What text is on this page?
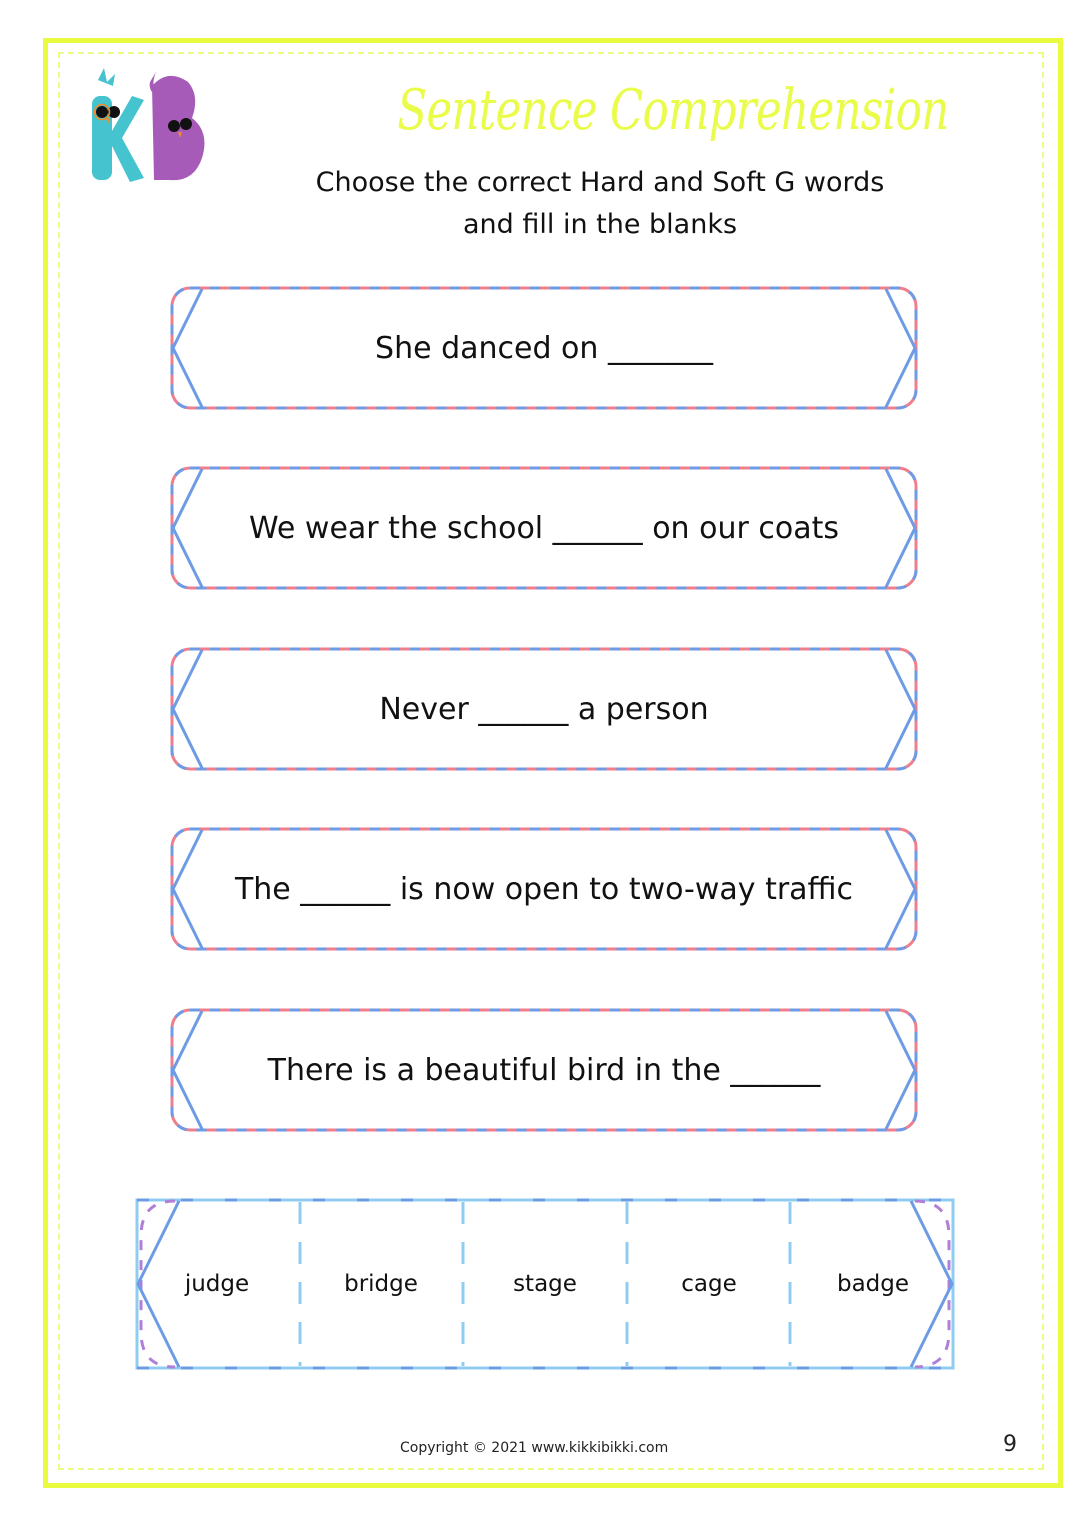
Sentence Comprehension
Choose the correct Hard and Soft G words
and fill in the blanks
She danced on _______
We wear the school ______ on our coats
Never ______ a person
The ______ is now open to two-way traffic
There is a beautiful bird in the ______
judge	bridge	stage	cage	badge
Copyright © 2021 www.kikkibikki.com	9
